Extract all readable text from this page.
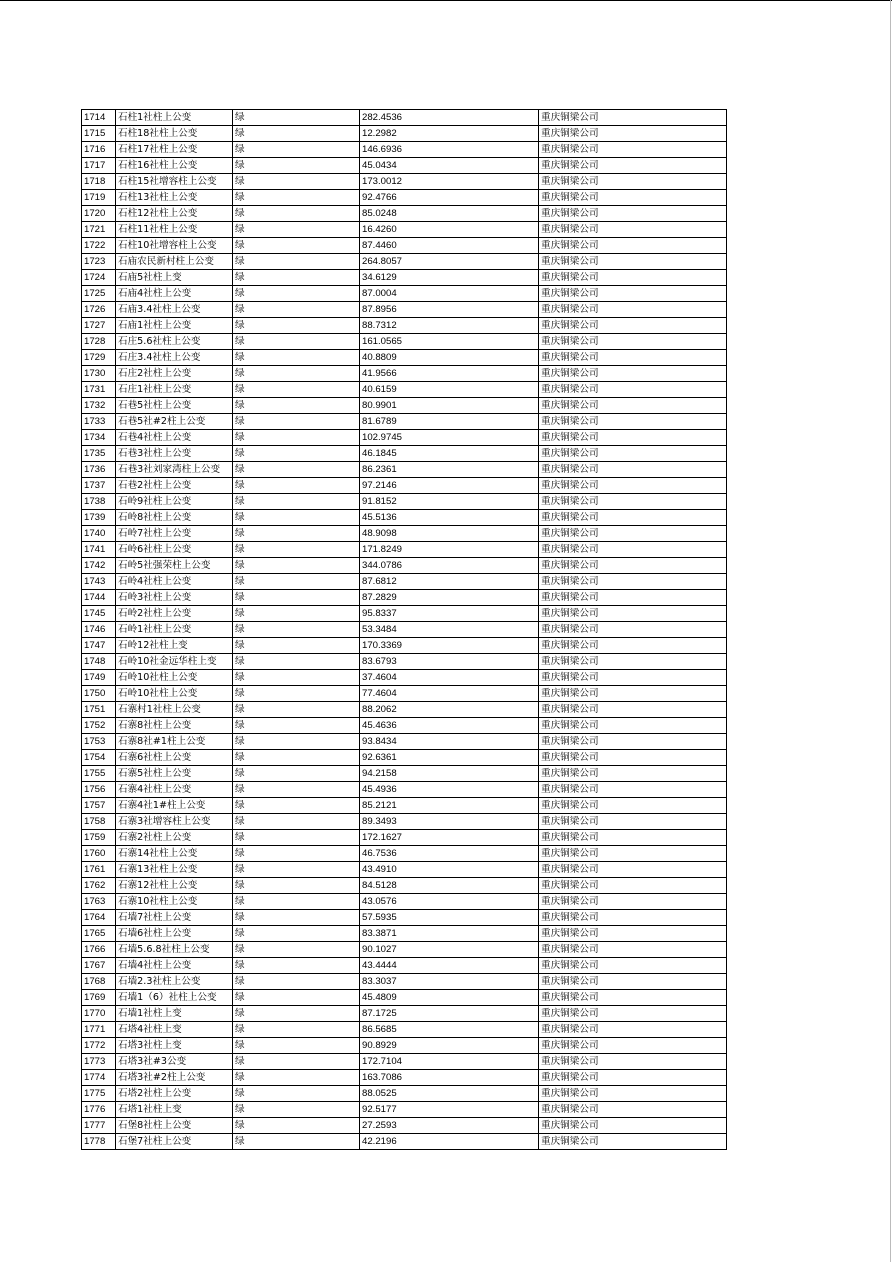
1714	石柱1社柱上公变	绿	282.4536	重庆铜梁公司
1715	石柱18社柱上公变	绿	12.2982	重庆铜梁公司
1716	石柱17社柱上公变	绿	146.6936	重庆铜梁公司
1717	石柱16社柱上公变	绿	45.0434	重庆铜梁公司
1718	石柱15社增容柱上公变	绿	173.0012	重庆铜梁公司
1719	石柱13社柱上公变	绿	92.4766	重庆铜梁公司
1720	石柱12社柱上公变	绿	85.0248	重庆铜梁公司
1721	石柱11社柱上公变	绿	16.4260	重庆铜梁公司
1722	石柱10社增容柱上公变	绿	87.4460	重庆铜梁公司
1723	石庙农民新村柱上公变	绿	264.8057	重庆铜梁公司
1724	石庙5社柱上变	绿	34.6129	重庆铜梁公司
1725	石庙4社柱上公变	绿	87.0004	重庆铜梁公司
1726	石庙3.4社柱上公变	绿	87.8956	重庆铜梁公司
1727	石庙1社柱上公变	绿	88.7312	重庆铜梁公司
1728	石庄5.6社柱上公变	绿	161.0565	重庆铜梁公司
1729	石庄3.4社柱上公变	绿	40.8809	重庆铜梁公司
1730	石庄2社柱上公变	绿	41.9566	重庆铜梁公司
1731	石庄1社柱上公变	绿	40.6159	重庆铜梁公司
1732	石巷5社柱上公变	绿	80.9901	重庆铜梁公司
1733	石巷5社#2柱上公变	绿	81.6789	重庆铜梁公司
1734	石巷4社柱上公变	绿	102.9745	重庆铜梁公司
1735	石巷3社柱上公变	绿	46.1845	重庆铜梁公司
1736	石巷3社刘家湾柱上公变	绿	86.2361	重庆铜梁公司
1737	石巷2社柱上公变	绿	97.2146	重庆铜梁公司
1738	石岭9社柱上公变	绿	91.8152	重庆铜梁公司
1739	石岭8社柱上公变	绿	45.5136	重庆铜梁公司
1740	石岭7社柱上公变	绿	48.9098	重庆铜梁公司
1741	石岭6社柱上公变	绿	171.8249	重庆铜梁公司
1742	石岭5社强荣柱上公变	绿	344.0786	重庆铜梁公司
1743	石岭4社柱上公变	绿	87.6812	重庆铜梁公司
1744	石岭3社柱上公变	绿	87.2829	重庆铜梁公司
1745	石岭2社柱上公变	绿	95.8337	重庆铜梁公司
1746	石岭1社柱上公变	绿	53.3484	重庆铜梁公司
1747	石岭12社柱上变	绿	170.3369	重庆铜梁公司
1748	石岭10社金远华柱上变	绿	83.6793	重庆铜梁公司
1749	石岭10社柱上公变	绿	37.4604	重庆铜梁公司
1750	石岭10社柱上公变	绿	77.4604	重庆铜梁公司
1751	石寨村1社柱上公变	绿	88.2062	重庆铜梁公司
1752	石寨8社柱上公变	绿	45.4636	重庆铜梁公司
1753	石寨8社#1柱上公变	绿	93.8434	重庆铜梁公司
1754	石寨6社柱上公变	绿	92.6361	重庆铜梁公司
1755	石寨5社柱上公变	绿	94.2158	重庆铜梁公司
1756	石寨4社柱上公变	绿	45.4936	重庆铜梁公司
1757	石寨4社1#柱上公变	绿	85.2121	重庆铜梁公司
1758	石寨3社增容柱上公变	绿	89.3493	重庆铜梁公司
1759	石寨2社柱上公变	绿	172.1627	重庆铜梁公司
1760	石寨14社柱上公变	绿	46.7536	重庆铜梁公司
1761	石寨13社柱上公变	绿	43.4910	重庆铜梁公司
1762	石寨12社柱上公变	绿	84.5128	重庆铜梁公司
1763	石寨10社柱上公变	绿	43.0576	重庆铜梁公司
1764	石墙7社柱上公变	绿	57.5935	重庆铜梁公司
1765	石墙6社柱上公变	绿	83.3871	重庆铜梁公司
1766	石墙5.6.8社柱上公变	绿	90.1027	重庆铜梁公司
1767	石墙4社柱上公变	绿	43.4444	重庆铜梁公司
1768	石墙2.3社柱上公变	绿	83.3037	重庆铜梁公司
1769	石墙1（6）社柱上公变	绿	45.4809	重庆铜梁公司
1770	石墙1社柱上变	绿	87.1725	重庆铜梁公司
1771	石塔4社柱上变	绿	86.5685	重庆铜梁公司
1772	石塔3社柱上变	绿	90.8929	重庆铜梁公司
1773	石塔3社#3公变	绿	172.7104	重庆铜梁公司
1774	石塔3社#2柱上公变	绿	163.7086	重庆铜梁公司
1775	石塔2社柱上公变	绿	88.0525	重庆铜梁公司
1776	石塔1社柱上变	绿	92.5177	重庆铜梁公司
1777	石堡8社柱上公变	绿	27.2593	重庆铜梁公司
1778	石堡7社柱上公变	绿	42.2196	重庆铜梁公司
